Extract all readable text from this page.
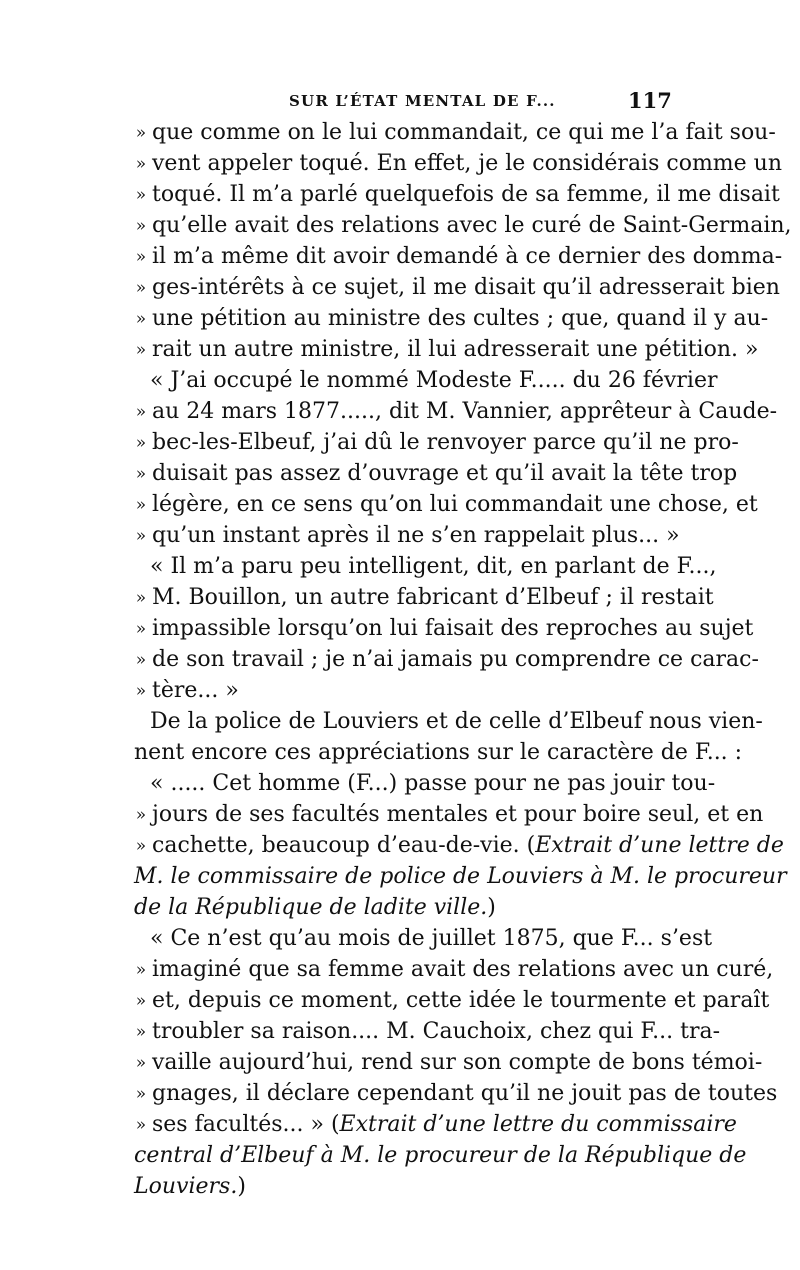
SUR L’ÉTAT MENTAL DE F...	117
» que comme on le lui commandait, ce qui me l’a fait sou-
» vent appeler toqué. En effet, je le considérais comme un
» toqué. Il m’a parlé quelquefois de sa femme, il me disait
» qu’elle avait des relations avec le curé de Saint-Germain,
» il m’a même dit avoir demandé à ce dernier des domma-
» ges-intérêts à ce sujet, il me disait qu’il adresserait bien
» une pétition au ministre des cultes ; que, quand il y au-
» rait un autre ministre, il lui adresserait une pétition. »
« J’ai occupé le nommé Modeste F..... du 26 février
» au 24 mars 1877....., dit M. Vannier, apprêteur à Caude-
» bec-les-Elbeuf, j’ai dû le renvoyer parce qu’il ne pro-
» duisait pas assez d’ouvrage et qu’il avait la tête trop
» légère, en ce sens qu’on lui commandait une chose, et
» qu’un instant après il ne s’en rappelait plus... »
« Il m’a paru peu intelligent, dit, en parlant de F...,
» M. Bouillon, un autre fabricant d’Elbeuf ; il restait
» impassible lorsqu’on lui faisait des reproches au sujet
» de son travail ; je n’ai jamais pu comprendre ce carac-
» tère... »
De la police de Louviers et de celle d’Elbeuf nous vien-
nent encore ces appréciations sur le caractère de F... :
« ..... Cet homme (F...) passe pour ne pas jouir tou-
» jours de ses facultés mentales et pour boire seul, et en
» cachette, beaucoup d’eau-de-vie. (Extrait d’une lettre de
M. le commissaire de police de Louviers à M. le procureur
de la République de ladite ville.)
« Ce n’est qu’au mois de juillet 1875, que F... s’est
» imaginé que sa femme avait des relations avec un curé,
» et, depuis ce moment, cette idée le tourmente et paraît
» troubler sa raison.... M. Cauchoix, chez qui F... tra-
» vaille aujourd’hui, rend sur son compte de bons témoi-
» gnages, il déclare cependant qu’il ne jouit pas de toutes
» ses facultés... » (Extrait d’une lettre du commissaire
central d’Elbeuf à M. le procureur de la République de
Louviers.)
